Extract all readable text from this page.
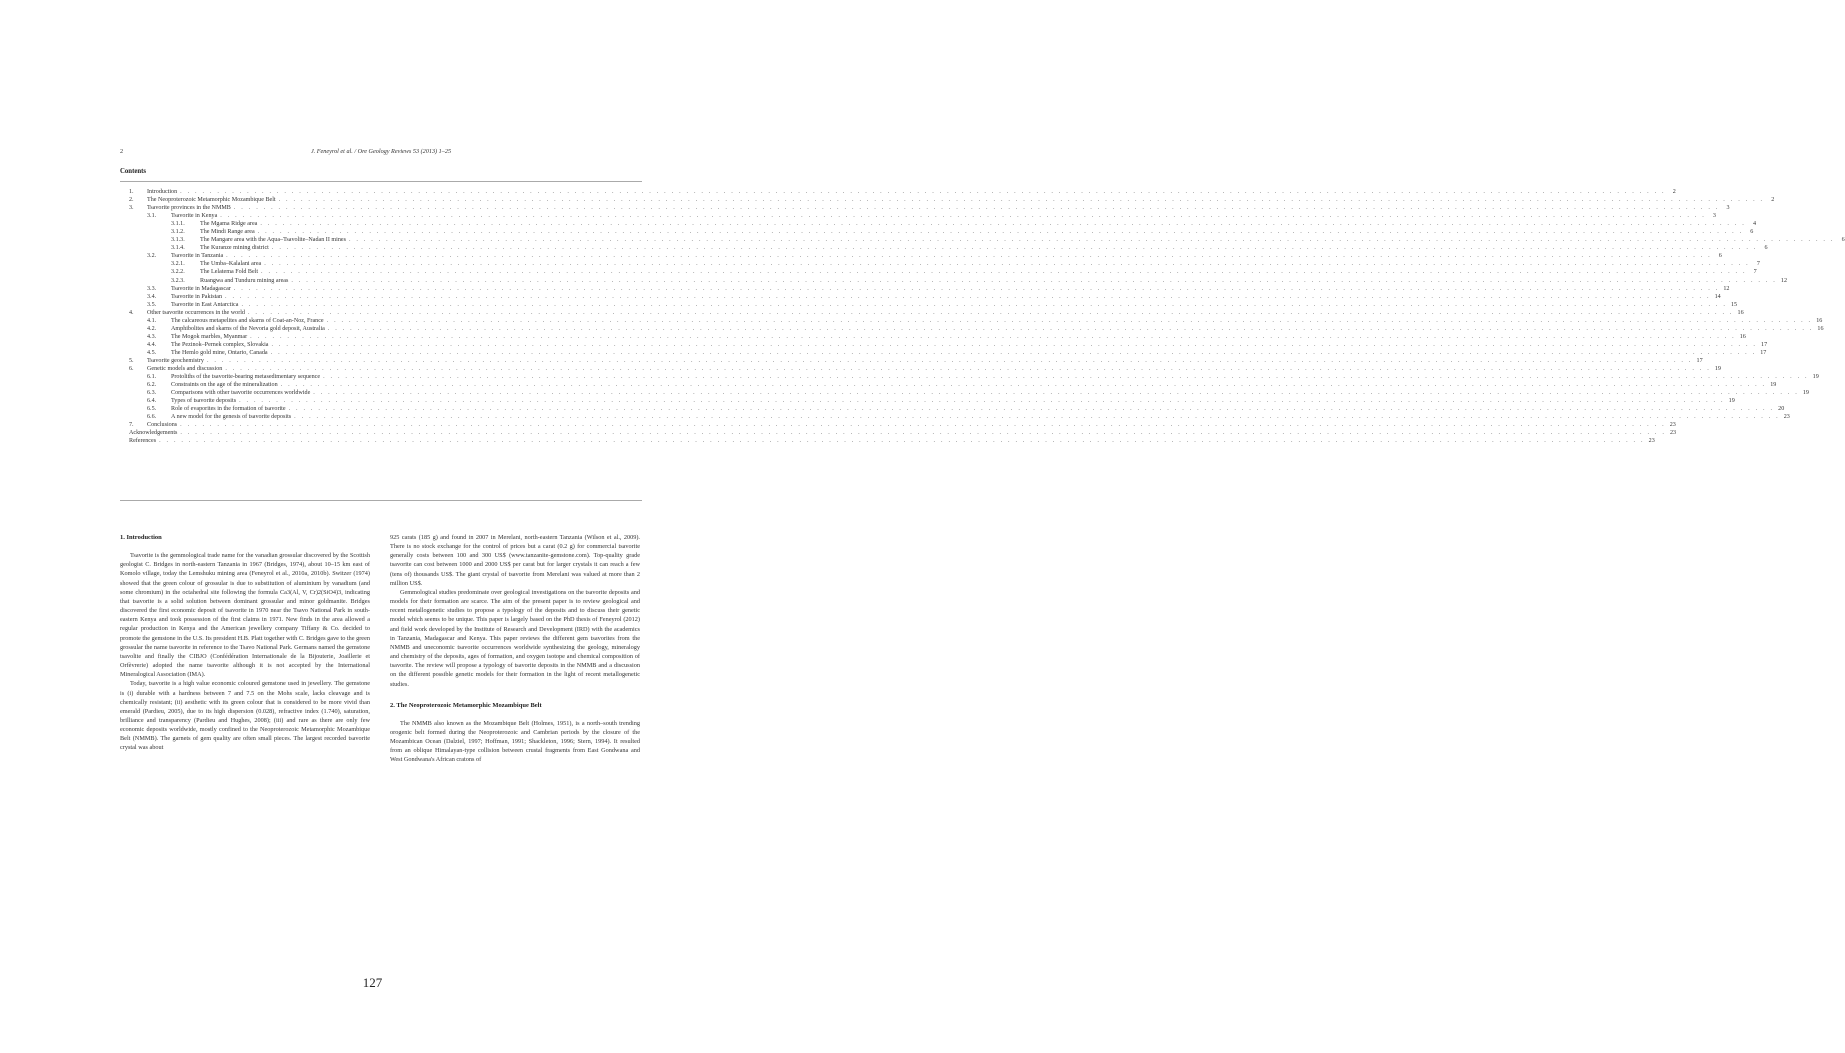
2	J. Feneyrol et al. / Ore Geology Reviews 53 (2013) 1–25
Contents
1.	Introduction . . . . . . . . . . . . . . . . . . . . . . . . . . . . . . . . . . . . . . . . . . . . . . . . . . . . . . . . . . . . . . . . . . . . . . . . . . . . . . . . . . . . . . . . . . . . . . . . . . . . . . . . . . . . . . . . . . . . . . . . . . . . . . . . . . . . . . . . . . . . . . . . . . . . . . . . . . . . . . . . . . . . . . . . . . . . . . . . . . . . . . . . . . . . . . . . . . . . . . . .	2
2.	The Neoproterozoic Metamorphic Mozambique Belt . . . . . . . . . . . . . . . . . . . . . . . . . . . . . . . . . . . . . . . . . . . . . . . . . . . . . . . . . . . . . . . . . . . . . . . . . . . . . . . . . . . . . . . . . . . . . . . . . . . . . . . . . . . . . . . . . . . . . . . . . . . . . . . . . . . . . . . . . . . . . . . . . . . . . . . . . . . . . . . . . . . . . . . . . . . . . . . . . . . . . . . . . . . . . . . . . . . . . . . .	2
3.	Tsavorite provinces in the NMMB . . . . . . . . . . . . . . . . . . . . . . . . . . . . . . . . . . . . . . . . . . . . . . . . . . . . . . . . . . . . . . . . . . . . . . . . . . . . . . . . . . . . . . . . . . . . . . . . . . . . . . . . . . . . . . . . . . . . . . . . . . . . . . . . . . . . . . . . . . . . . . . . . . . . . . . . . . . . . . . . . . . . . . . . . . . . . . . . . . . . . . . . . . . . . . . . . . . . . . . .	3
3.1.	Tsavorite in Kenya . . . . . . . . . . . . . . . . . . . . . . . . . . . . . . . . . . . . . . . . . . . . . . . . . . . . . . . . . . . . . . . . . . . . . . . . . . . . . . . . . . . . . . . . . . . . . . . . . . . . . . . . . . . . . . . . . . . . . . . . . . . . . . . . . . . . . . . . . . . . . . . . . . . . . . . . . . . . . . . . . . . . . . . . . . . . . . . . . . . . . . . . . . . . . . . . . . . . . . . .	3
3.1.1.	The Mgama Ridge area . . . . . . . . . . . . . . . . . . . . . . . . . . . . . . . . . . . . . . . . . . . . . . . . . . . . . . . . . . . . . . . . . . . . . . . . . . . . . . . . . . . . . . . . . . . . . . . . . . . . . . . . . . . . . . . . . . . . . . . . . . . . . . . . . . . . . . . . . . . . . . . . . . . . . . . . . . . . . . . . . . . . . . . . . . . . . . . . . . . . . . . . . . . . . . . . . . . . . . . .	4
3.1.2.	The Mindi Range area . . . . . . . . . . . . . . . . . . . . . . . . . . . . . . . . . . . . . . . . . . . . . . . . . . . . . . . . . . . . . . . . . . . . . . . . . . . . . . . . . . . . . . . . . . . . . . . . . . . . . . . . . . . . . . . . . . . . . . . . . . . . . . . . . . . . . . . . . . . . . . . . . . . . . . . . . . . . . . . . . . . . . . . . . . . . . . . . . . . . . . . . . . . . . . . . . . . . . . . .	6
3.1.3.	The Mangare area with the Aqua–Tsavolite–Nadan II mines . . . . . . . . . . . . . . . . . . . . . . . . . . . . . . . . . . . . . . . . . . . . . . . . . . . . . . . . . . . . . . . . . . . . . . . . . . . . . . . . . . . . . . . . . . . . . . . . . . . . . . . . . . . . . . . . . . . . . . . . . . . . . . . . . . . . . . . . . . . . . . . . . . . . . . . . . . . . . . . . . . . . . . . . . . . . . . . . . . . . . . . . . . . . . . . . . . . . . . . .	6
3.1.4.	The Kuranze mining district . . . . . . . . . . . . . . . . . . . . . . . . . . . . . . . . . . . . . . . . . . . . . . . . . . . . . . . . . . . . . . . . . . . . . . . . . . . . . . . . . . . . . . . . . . . . . . . . . . . . . . . . . . . . . . . . . . . . . . . . . . . . . . . . . . . . . . . . . . . . . . . . . . . . . . . . . . . . . . . . . . . . . . . . . . . . . . . . . . . . . . . . . . . . . . . . . . . . . . . .	6
3.2.	Tsavorite in Tanzania . . . . . . . . . . . . . . . . . . . . . . . . . . . . . . . . . . . . . . . . . . . . . . . . . . . . . . . . . . . . . . . . . . . . . . . . . . . . . . . . . . . . . . . . . . . . . . . . . . . . . . . . . . . . . . . . . . . . . . . . . . . . . . . . . . . . . . . . . . . . . . . . . . . . . . . . . . . . . . . . . . . . . . . . . . . . . . . . . . . . . . . . . . . . . . . . . . . . . . . .	6
3.2.1.	The Umba–Kalalani area . . . . . . . . . . . . . . . . . . . . . . . . . . . . . . . . . . . . . . . . . . . . . . . . . . . . . . . . . . . . . . . . . . . . . . . . . . . . . . . . . . . . . . . . . . . . . . . . . . . . . . . . . . . . . . . . . . . . . . . . . . . . . . . . . . . . . . . . . . . . . . . . . . . . . . . . . . . . . . . . . . . . . . . . . . . . . . . . . . . . . . . . . . . . . . . . . . . . . . . .	7
3.2.2.	The Lelatema Fold Belt . . . . . . . . . . . . . . . . . . . . . . . . . . . . . . . . . . . . . . . . . . . . . . . . . . . . . . . . . . . . . . . . . . . . . . . . . . . . . . . . . . . . . . . . . . . . . . . . . . . . . . . . . . . . . . . . . . . . . . . . . . . . . . . . . . . . . . . . . . . . . . . . . . . . . . . . . . . . . . . . . . . . . . . . . . . . . . . . . . . . . . . . . . . . . . . . . . . . . . . .	7
3.2.3.	Ruangwa and Tunduru mining areas . . . . . . . . . . . . . . . . . . . . . . . . . . . . . . . . . . . . . . . . . . . . . . . . . . . . . . . . . . . . . . . . . . . . . . . . . . . . . . . . . . . . . . . . . . . . . . . . . . . . . . . . . . . . . . . . . . . . . . . . . . . . . . . . . . . . . . . . . . . . . . . . . . . . . . . . . . . . . . . . . . . . . . . . . . . . . . . . . . . . . . . . . . . . . . . . . . . . . . . . 12
3.3.	Tsavorite in Madagascar . . . . . . . . . . . . . . . . . . . . . . . . . . . . . . . . . . . . . . . . . . . . . . . . . . . . . . . . . . . . . . . . . . . . . . . . . . . . . . . . . . . . . . . . . . . . . . . . . . . . . . . . . . . . . . . . . . . . . . . . . . . . . . . . . . . . . . . . . . . . . . . . . . . . . . . . . . . . . . . . . . . . . . . . . . . . . . . . . . . . . . . . . . . . . . . . . . . . . . . . 12
3.4.	Tsavorite in Pakistan . . . . . . . . . . . . . . . . . . . . . . . . . . . . . . . . . . . . . . . . . . . . . . . . . . . . . . . . . . . . . . . . . . . . . . . . . . . . . . . . . . . . . . . . . . . . . . . . . . . . . . . . . . . . . . . . . . . . . . . . . . . . . . . . . . . . . . . . . . . . . . . . . . . . . . . . . . . . . . . . . . . . . . . . . . . . . . . . . . . . . . . . . . . . . . . . . . . . . . . . 14
3.5.	Tsavorite in East Antarctica . . . . . . . . . . . . . . . . . . . . . . . . . . . . . . . . . . . . . . . . . . . . . . . . . . . . . . . . . . . . . . . . . . . . . . . . . . . . . . . . . . . . . . . . . . . . . . . . . . . . . . . . . . . . . . . . . . . . . . . . . . . . . . . . . . . . . . . . . . . . . . . . . . . . . . . . . . . . . . . . . . . . . . . . . . . . . . . . . . . . . . . . . . . . . . . . . . . . . . . . 15
4.	Other tsavorite occurrences in the world . . . . . . . . . . . . . . . . . . . . . . . . . . . . . . . . . . . . . . . . . . . . . . . . . . . . . . . . . . . . . . . . . . . . . . . . . . . . . . . . . . . . . . . . . . . . . . . . . . . . . . . . . . . . . . . . . . . . . . . . . . . . . . . . . . . . . . . . . . . . . . . . . . . . . . . . . . . . . . . . . . . . . . . . . . . . . . . . . . . . . . . . . . . . . . . . . . . . . . . . 16
4.1.	The calcareous metapelites and skarns of Coat-an-Noz, France . . . . . . . . . . . . . . . . . . . . . . . . . . . . . . . . . . . . . . . . . . . . . . . . . . . . . . . . . . . . . . . . . . . . . . . . . . . . . . . . . . . . . . . . . . . . . . . . . . . . . . . . . . . . . . . . . . . . . . . . . . . . . . . . . . . . . . . . . . . . . . . . . . . . . . . . . . . . . . . . . . . . . . . . . . . . . . . . . . . . . . . . . . . . . . . . . . . . . . . . 16
4.2.	Amphibolites and skarns of the Nevoria gold deposit, Australia . . . . . . . . . . . . . . . . . . . . . . . . . . . . . . . . . . . . . . . . . . . . . . . . . . . . . . . . . . . . . . . . . . . . . . . . . . . . . . . . . . . . . . . . . . . . . . . . . . . . . . . . . . . . . . . . . . . . . . . . . . . . . . . . . . . . . . . . . . . . . . . . . . . . . . . . . . . . . . . . . . . . . . . . . . . . . . . . . . . . . . . . . . . . . . . . . . . . . . . . 16
4.3.	The Mogok marbles, Myanmar . . . . . . . . . . . . . . . . . . . . . . . . . . . . . . . . . . . . . . . . . . . . . . . . . . . . . . . . . . . . . . . . . . . . . . . . . . . . . . . . . . . . . . . . . . . . . . . . . . . . . . . . . . . . . . . . . . . . . . . . . . . . . . . . . . . . . . . . . . . . . . . . . . . . . . . . . . . . . . . . . . . . . . . . . . . . . . . . . . . . . . . . . . . . . . . . . . . . . . . . 16
4.4.	The Pezinok–Pernek complex, Slovakia . . . . . . . . . . . . . . . . . . . . . . . . . . . . . . . . . . . . . . . . . . . . . . . . . . . . . . . . . . . . . . . . . . . . . . . . . . . . . . . . . . . . . . . . . . . . . . . . . . . . . . . . . . . . . . . . . . . . . . . . . . . . . . . . . . . . . . . . . . . . . . . . . . . . . . . . . . . . . . . . . . . . . . . . . . . . . . . . . . . . . . . . . . . . . . . . . . . . . . . . 17
4.5.	The Hemlo gold mine, Ontario, Canada . . . . . . . . . . . . . . . . . . . . . . . . . . . . . . . . . . . . . . . . . . . . . . . . . . . . . . . . . . . . . . . . . . . . . . . . . . . . . . . . . . . . . . . . . . . . . . . . . . . . . . . . . . . . . . . . . . . . . . . . . . . . . . . . . . . . . . . . . . . . . . . . . . . . . . . . . . . . . . . . . . . . . . . . . . . . . . . . . . . . . . . . . . . . . . . . . . . . . . . . 17
5.	Tsavorite geochemistry . . . . . . . . . . . . . . . . . . . . . . . . . . . . . . . . . . . . . . . . . . . . . . . . . . . . . . . . . . . . . . . . . . . . . . . . . . . . . . . . . . . . . . . . . . . . . . . . . . . . . . . . . . . . . . . . . . . . . . . . . . . . . . . . . . . . . . . . . . . . . . . . . . . . . . . . . . . . . . . . . . . . . . . . . . . . . . . . . . . . . . . . . . . . . . . . . . . . . . . . 17
6.	Genetic models and discussion . . . . . . . . . . . . . . . . . . . . . . . . . . . . . . . . . . . . . . . . . . . . . . . . . . . . . . . . . . . . . . . . . . . . . . . . . . . . . . . . . . . . . . . . . . . . . . . . . . . . . . . . . . . . . . . . . . . . . . . . . . . . . . . . . . . . . . . . . . . . . . . . . . . . . . . . . . . . . . . . . . . . . . . . . . . . . . . . . . . . . . . . . . . . . . . . . . . . . . . . 19
6.1.	Protoliths of the tsavorite-bearing metasedimentary sequence . . . . . . . . . . . . . . . . . . . . . . . . . . . . . . . . . . . . . . . . . . . . . . . . . . . . . . . . . . . . . . . . . . . . . . . . . . . . . . . . . . . . . . . . . . . . . . . . . . . . . . . . . . . . . . . . . . . . . . . . . . . . . . . . . . . . . . . . . . . . . . . . . . . . . . . . . . . . . . . . . . . . . . . . . . . . . . . . . . . . . . . . . . . . . . . . . . . . . . . . 19
6.2.	Constraints on the age of the mineralization . . . . . . . . . . . . . . . . . . . . . . . . . . . . . . . . . . . . . . . . . . . . . . . . . . . . . . . . . . . . . . . . . . . . . . . . . . . . . . . . . . . . . . . . . . . . . . . . . . . . . . . . . . . . . . . . . . . . . . . . . . . . . . . . . . . . . . . . . . . . . . . . . . . . . . . . . . . . . . . . . . . . . . . . . . . . . . . . . . . . . . . . . . . . . . . . . . . . . . . . 19
6.3.	Comparisons with other tsavorite occurrences worldwide . . . . . . . . . . . . . . . . . . . . . . . . . . . . . . . . . . . . . . . . . . . . . . . . . . . . . . . . . . . . . . . . . . . . . . . . . . . . . . . . . . . . . . . . . . . . . . . . . . . . . . . . . . . . . . . . . . . . . . . . . . . . . . . . . . . . . . . . . . . . . . . . . . . . . . . . . . . . . . . . . . . . . . . . . . . . . . . . . . . . . . . . . . . . . . . . . . . . . . . . 19
6.4.	Types of tsavorite deposits . . . . . . . . . . . . . . . . . . . . . . . . . . . . . . . . . . . . . . . . . . . . . . . . . . . . . . . . . . . . . . . . . . . . . . . . . . . . . . . . . . . . . . . . . . . . . . . . . . . . . . . . . . . . . . . . . . . . . . . . . . . . . . . . . . . . . . . . . . . . . . . . . . . . . . . . . . . . . . . . . . . . . . . . . . . . . . . . . . . . . . . . . . . . . . . . . . . . . . . . 19
6.5.	Role of evaporites in the formation of tsavorite . . . . . . . . . . . . . . . . . . . . . . . . . . . . . . . . . . . . . . . . . . . . . . . . . . . . . . . . . . . . . . . . . . . . . . . . . . . . . . . . . . . . . . . . . . . . . . . . . . . . . . . . . . . . . . . . . . . . . . . . . . . . . . . . . . . . . . . . . . . . . . . . . . . . . . . . . . . . . . . . . . . . . . . . . . . . . . . . . . . . . . . . . . . . . . . . . . . . . . . . 20
6.6.	A new model for the genesis of tsavorite deposits . . . . . . . . . . . . . . . . . . . . . . . . . . . . . . . . . . . . . . . . . . . . . . . . . . . . . . . . . . . . . . . . . . . . . . . . . . . . . . . . . . . . . . . . . . . . . . . . . . . . . . . . . . . . . . . . . . . . . . . . . . . . . . . . . . . . . . . . . . . . . . . . . . . . . . . . . . . . . . . . . . . . . . . . . . . . . . . . . . . . . . . . . . . . . . . . . . . . . . . . 23
7.	Conclusions . . . . . . . . . . . . . . . . . . . . . . . . . . . . . . . . . . . . . . . . . . . . . . . . . . . . . . . . . . . . . . . . . . . . . . . . . . . . . . . . . . . . . . . . . . . . . . . . . . . . . . . . . . . . . . . . . . . . . . . . . . . . . . . . . . . . . . . . . . . . . . . . . . . . . . . . . . . . . . . . . . . . . . . . . . . . . . . . . . . . . . . . . . . . . . . . . . . . . . . . 23
Acknowledgements . . . . . . . . . . . . . . . . . . . . . . . . . . . . . . . . . . . . . . . . . . . . . . . . . . . . . . . . . . . . . . . . . . . . . . . . . . . . . . . . . . . . . . . . . . . . . . . . . . . . . . . . . . . . . . . . . . . . . . . . . . . . . . . . . . . . . . . . . . . . . . . . . . . . . . . . . . . . . . . . . . . . . . . . . . . . . . . . . . . . . . . . . . . . . . . . . . . . . . . . 23
References . . . . . . . . . . . . . . . . . . . . . . . . . . . . . . . . . . . . . . . . . . . . . . . . . . . . . . . . . . . . . . . . . . . . . . . . . . . . . . . . . . . . . . . . . . . . . . . . . . . . . . . . . . . . . . . . . . . . . . . . . . . . . . . . . . . . . . . . . . . . . . . . . . . . . . . . . . . . . . . . . . . . . . . . . . . . . . . . . . . . . . . . . . . . . . . . . . . . . . . . 23
1. Introduction

Tsavorite is the gemmological trade name for the vanadian grossular discovered by the Scottish geologist C. Bridges in north-eastern Tanzania in 1967 (Bridges, 1974), about 10–15 km east of Komolo village, today the Lemshuku mining area (Feneyrol et al., 2010a, 2010b). Switzer (1974) showed that the green colour of grossular is due to substitution of aluminium by vanadium (and some chromium) in the octahedral site following the formula Ca3(Al, V, Cr)2(SiO4)3, indicating that tsavorite is a solid solution between dominant grossular and minor goldmanite. Bridges discovered the first economic deposit of tsavorite in 1970 near the Tsavo National Park in south-eastern Kenya and took possession of the first claims in 1971. New finds in the area allowed a regular production in Kenya and the American jewellery company Tiffany & Co. decided to promote the gemstone in the U.S. Its president H.B. Platt together with C. Bridges gave to the green grossular the name tsavorite in reference to the Tsavo National Park. Germans named the gemstone tsavolite and finally the CIBJO (Confédération Internationale de la Bijouterie, Joaillerie et Orfèvrerie) adopted the name tsavorite although it is not accepted by the International Mineralogical Association (IMA).

Today, tsavorite is a high value economic coloured gemstone used in jewellery. The gemstone is (i) durable with a hardness between 7 and 7.5 on the Mohs scale, lacks cleavage and is chemically resistant; (ii) aesthetic with its green colour that is considered to be more vivid than emerald (Pardieu, 2005), due to its high dispersion (0.028), refractive index (1.740), saturation, brilliance and transparency (Pardieu and Hughes, 2008); (iii) and rare as there are only few economic deposits worldwide, mostly confined to the Neoproterozoic Metamorphic Mozambique Belt (NMMB). The garnets of gem quality are often small pieces. The largest recorded tsavorite crystal was about

925 carats (185 g) and found in 2007 in Merelani, north-eastern Tanzania (Wilson et al., 2009). There is no stock exchange for the control of prices but a carat (0.2 g) for commercial tsavorite generally costs between 100 and 300 US$ (www.tanzanite-gemstone.com). Top-quality grade tsavorite can cost between 1000 and 2000 US$ per carat but for larger crystals it can reach a few (tens of) thousands US$. The giant crystal of tsavorite from Merelani was valued at more than 2 million US$.

Gemmological studies predominate over geological investigations on the tsavorite deposits and models for their formation are scarce. The aim of the present paper is to review geological and recent metallogenetic studies to propose a typology of the deposits and to discuss their genetic model which seems to be unique. This paper is largely based on the PhD thesis of Feneyrol (2012) and field work developed by the Institute of Research and Development (IRD) with the academics in Tanzania, Madagascar and Kenya. This paper reviews the different gem tsavorites from the NMMB and uneconomic tsavorite occurrences worldwide synthesizing the geology, mineralogy and chemistry of the deposits, ages of formation, and oxygen isotope and chemical composition of tsavorite. The review will propose a typology of tsavorite deposits in the NMMB and a discussion on the different possible genetic models for their formation in the light of recent metallogenetic studies.

2. The Neoproterozoic Metamorphic Mozambique Belt

The NMMB also known as the Mozambique Belt (Holmes, 1951), is a north–south trending orogenic belt formed during the Neoproterozoic and Cambrian periods by the closure of the Mozambican Ocean (Dalziel, 1997; Hoffman, 1991; Shackleton, 1996; Stern, 1994). It resulted from an oblique Himalayan-type collision between crustal fragments from East Gondwana and West Gondwana's African cratons of

127
